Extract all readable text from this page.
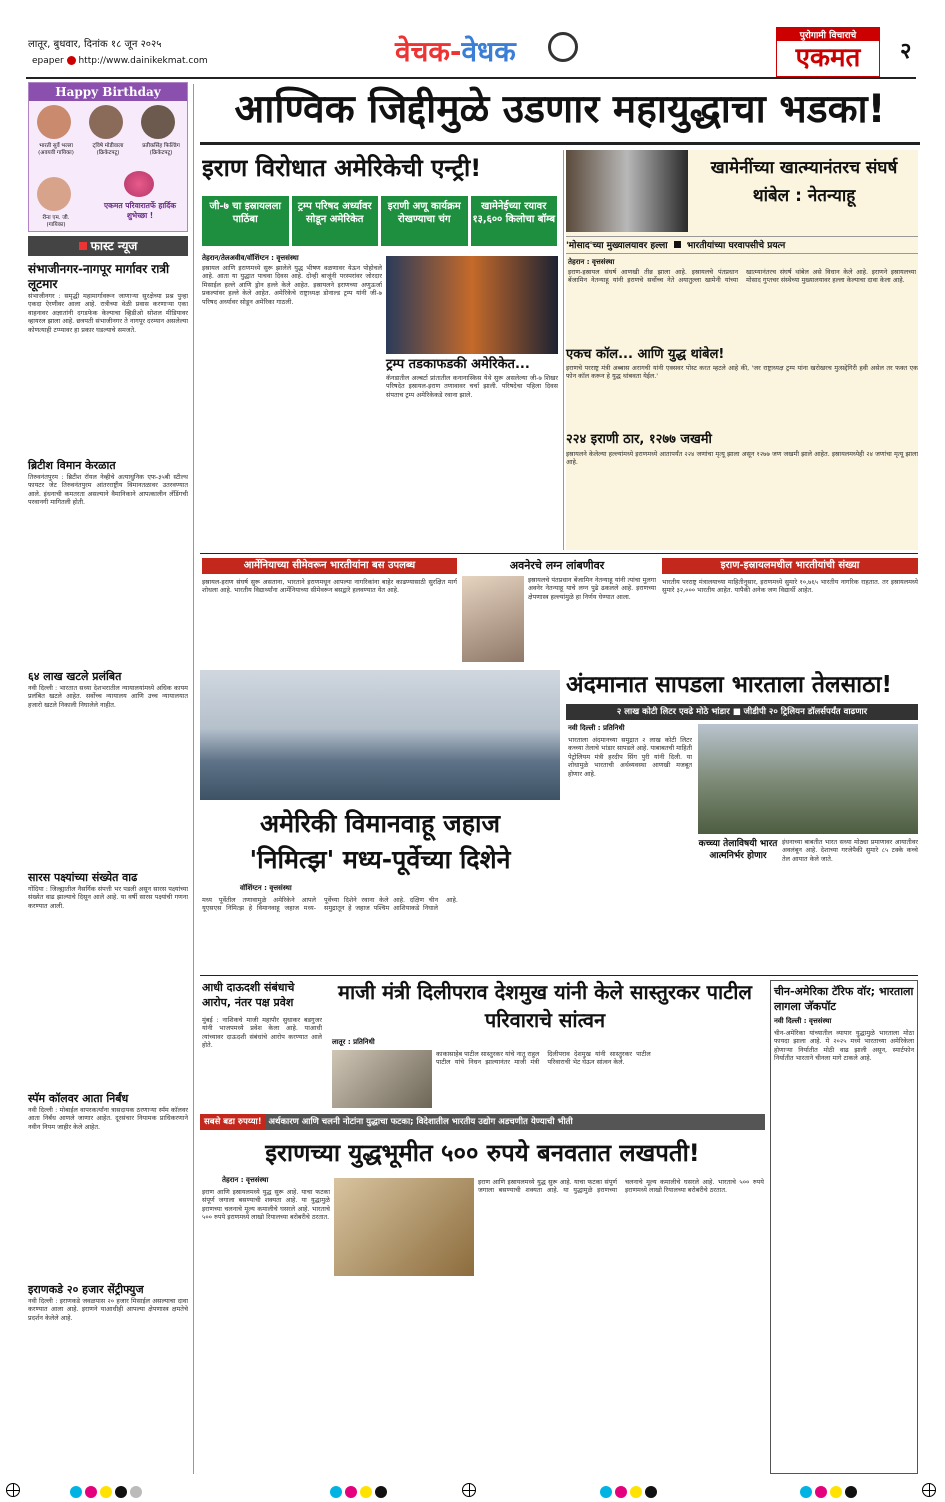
लातूर, बुधवार, दिनांक १८ जून २०२५
epaper http://www.dainikekmat.com	वेचक-वेधक	पुरोगामी विचाराचे
एकमत	२
Happy Birthday
भारती सुर्वे भल्ला
(अवयवी गायिका)
ट्विषे मोडीवाला
(क्रिकेटपटू)
प्रतीकसिंह फिल्डिंग
(क्रिकेटपटू)
रीना एम. जी.
(गायिका)
एकमत परिवारातर्फे हार्दिक शुभेच्छा !
फास्ट न्यूज
संभाजीनगर-नागपूर मार्गावर रात्री लूटमार
संभाजीनगर : समृद्धी महामार्गावरून जाणाऱ्या सुरक्षेच्या प्रश्न पुन्हा एकदा ऐरणीवर आला आहे. रात्रीच्या वेळी प्रवास करणाऱ्या एका वाहनावर अज्ञातांनी दगडफेक केल्याचा व्हिडीओ सोशल मीडियावर व्हायरल झाला आहे. छत्रपती संभाजीनगर ते नागपूर दरम्यान असलेल्या कोणत्याही टप्प्यावर हा प्रकार घडल्याचे समजते.
ब्रिटीश विमान केरळात
तिरुवनंतपुरम : ब्रिटीश रॉयल नेव्हीचे अत्याधुनिक एफ-३५बी स्टील्थ फायटर जेट तिरुवनंतपुरम आंतरराष्ट्रीय विमानतळावर उतरवण्यात आले. इंधनाची कमतरता असल्याने वैमानिकाने आपत्कालीन लँडिंगची परवानगी मागितली होती.
६४ लाख खटले प्रलंबित
नवी दिल्ली : भारतात सध्या देशभरातील न्यायालयांमध्ये अधिक कायम प्रलंबित खटले आहेत. सर्वोच्च न्यायालय आणि उच्च न्यायालयात हजारो खटले निकाली निघालेले नाहीत.
सारस पक्ष्यांच्या संख्येत वाढ
गोंदिया : जिल्ह्यातील नैसर्गिक संपत्ती भर पडली असून सारस पक्ष्यांच्या संख्येत वाढ झाल्याचे दिसून आले आहे. या वर्षी सारस पक्ष्यांची गणना करण्यात आली.
स्पॅम कॉलवर आता निर्बंध
नवी दिल्ली : मोबाईल वापरकर्त्यांना त्रासदायक ठरणाऱ्या स्पॅम कॉलवर आता निर्बंध आणले जाणार आहेत. दूरसंचार नियामक प्राधिकरणाने नवीन नियम जाहीर केले आहेत.
इराणकडे २० हजार सेंट्रीफ्युज
नवी दिल्ली : इराणकडे जवळपास २० हजार मिसाईल असल्याचा दावा करण्यात आला आहे. इराणने याआधीही आपल्या क्षेपणास्त्र क्षमतेचे प्रदर्शन केलेले आहे.
आण्विक जिद्दीमुळे उडणार महायुद्धाचा भडका!
इराण विरोधात अमेरिकेची एन्ट्री!
जी-७ चा इस्रायलला पाठिंबा
ट्रम्प परिषद अर्ध्यावर सोडून अमेरिकेत
इराणी अणू कार्यक्रम रोखण्याचा चंग
खामेनेईच्या रयावर १३,६०० किलोचा बॉम्ब
तेहरान/तेलअवीव/वॉशिंग्टन : वृत्तसंस्था
इस्रायल आणि इराणमध्ये सुरू झालेले युद्ध भीषण वळणावर येऊन पोहोचले आहे. आता या युद्धात पाचवा दिवस आहे. दोन्ही बाजूंनी परस्परांवर जोरदार मिसाईल हल्ले आणि ड्रोन हल्ले केले आहेत. इस्रायलने इराणच्या अणुऊर्जा प्रकल्पांवर हल्ले केले आहेत. अमेरिकेचे राष्ट्राध्यक्ष डोनाल्ड ट्रम्प यांनी जी-७ परिषद अर्ध्यावर सोडून अमेरिका गाठली.
ट्रम्प तडकाफडकी अमेरिकेत...
कॅनडातील अल्बर्टा प्रांतातील कनानास्किस येथे सुरू असलेल्या जी-७ शिखर परिषदेत इस्रायल-इराण तणावावर चर्चा झाली. परिषदेचा पहिला दिवस संपताच ट्रम्प अमेरिकेकडे रवाना झाले.
खामेनींच्या खात्म्यानंतरच संघर्ष थांबेल : नेतन्याहू
'मोसाद'च्या मुख्यालयावर हल्ला भारतीयांच्या घरवापसीचे प्रयत्न
तेहरान : वृत्तसंस्था
इराण-इस्रायल संघर्ष आणखी तीव्र झाला आहे. इस्रायलचे पंतप्रधान बेंजामिन नेतन्याहू यांनी इराणचे सर्वोच्च नेते अयातुल्ला खामेनी यांच्या खात्म्यानंतरच संघर्ष थांबेल असे विधान केले आहे. इराणने इस्रायलच्या मोसाद गुप्तचर संस्थेच्या मुख्यालयावर हल्ला केल्याचा दावा केला आहे.
एकच कॉल... आणि युद्ध थांबेल!
इराणचे परराष्ट्र मंत्री अब्बास अरागची यांनी एक्सवर पोस्ट करत म्हटले आहे की, 'जर राष्ट्राध्यक्ष ट्रम्प यांना खरोखरच मुत्सद्देगिरी हवी असेल तर फक्त एक फोन कॉल करून हे युद्ध थांबवता येईल.'
२२४ इराणी ठार, १२७७ जखमी
इस्रायलने केलेल्या हल्ल्यांमध्ये इराणमध्ये आतापर्यंत २२४ जणांचा मृत्यू झाला असून १२७७ जण जखमी झाले आहेत. इस्रायलमध्येही २४ जणांचा मृत्यू झाला आहे.
आर्मेनियाच्या सीमेवरून भारतीयांना बस उपलब्ध
इस्रायल-इराण संघर्ष सुरू असताना, भारताने इराणमधून आपल्या नागरिकांना बाहेर काढण्यासाठी सुरक्षित मार्ग शोधला आहे. भारतीय विद्यार्थ्यांना आर्मेनियाच्या सीमेवरून बसद्वारे हलवण्यात येत आहे.
अवनेरचे लग्न लांबणीवर
इस्रायलचे पंतप्रधान बेंजामिन नेतन्याहू यांनी त्यांचा मुलगा अवनेर नेतन्याहू याचे लग्न पुढे ढकलले आहे. इराणच्या क्षेपणास्त्र हल्ल्यांमुळे हा निर्णय घेण्यात आला.
इराण-इस्रायलमधील भारतीयांची संख्या
भारतीय परराष्ट्र मंत्रालयाच्या माहितीनुसार, इराणमध्ये सुमारे १०,७६५ भारतीय नागरिक राहतात. तर इस्रायलमध्ये सुमारे ३२,००० भारतीय आहेत. यापैकी अनेक जण विद्यार्थी आहेत.
अमेरिकी विमानवाहू जहाज
'निमित्झ' मध्य-पूर्वेच्या दिशेने
वॉशिंग्टन : वृत्तसंस्था
मध्य पूर्वेतील तणावामुळे अमेरिकेने आपले यूएसएस निमित्झ हे विमानवाहू जहाज मध्य-पूर्वेच्या दिशेने रवाना केले आहे. दक्षिण चीन समुद्रातून हे जहाज पश्चिम आशियाकडे निघाले आहे.
अंदमानात सापडला भारताला तेलसाठा!
२ लाख कोटी लिटर एवढे मोठे भांडार ■ जीडीपी २० ट्रिलियन डॉलर्सपर्यंत वाढणार
नवी दिल्ली : प्रतिनिधी
भारताला अंदमानच्या समुद्रात २ लाख कोटी लिटर कच्च्या तेलाचे भांडार सापडले आहे. याबाबतची माहिती पेट्रोलियम मंत्री हरदीप सिंग पुरी यांनी दिली. या शोधामुळे भारताची अर्थव्यवस्था आणखी मजबूत होणार आहे.
कच्च्या तेलाविषयी भारत आत्मनिर्भर होणार
इंधनाच्या बाबतीत भारत सध्या मोठ्या प्रमाणावर आयातीवर अवलंबून आहे. देशाच्या गरजेपैकी सुमारे ८५ टक्के कच्चे तेल आयात केले जाते.
आधी दाऊदशी संबंधाचे आरोप, नंतर पक्ष प्रवेश
मुंबई : नाशिकचे माजी महापौर सुधाकर बडगुजर यांनी भाजपमध्ये प्रवेश केला आहे. याआधी त्यांच्यावर दाऊदशी संबंधांचे आरोप करण्यात आले होते.
माजी मंत्री दिलीपराव देशमुख यांनी केले सास्तुरकर पाटील परिवाराचे सांत्वन
लातूर : प्रतिनिधी
काकासाहेब पाटील सास्तुरकर यांचे नातू राहुल पाटील यांचे निधन झाल्यानंतर माजी मंत्री दिलीपराव देशमुख यांनी सास्तुरकर पाटील परिवाराची भेट घेऊन सांत्वन केले.
चीन-अमेरिका टॅरिफ वॉर; भारताला लागला जॅकपॉट
नवी दिल्ली : वृत्तसंस्था
चीन-अमेरिका यांच्यातील व्यापार युद्धामुळे भारताला मोठा फायदा झाला आहे. मे २०२५ मध्ये भारताच्या अमेरिकेला होणाऱ्या निर्यातीत मोठी वाढ झाली असून, स्मार्टफोन निर्यातीत भारताने चीनला मागे टाकले आहे.
सबसे बडा रुपय्या! अर्थकारण आणि चलनी नोटांना युद्धाचा फटका; विदेशातील भारतीय उद्योग अडचणीत येण्याची भीती
इराणच्या युद्धभूमीत ५०० रुपये बनवतात लखपती!
तेहरान : वृत्तसंस्था
इराण आणि इस्रायलमध्ये युद्ध सुरू आहे. याचा फटका संपूर्ण जगाला बसण्याची शक्यता आहे. या युद्धामुळे इराणच्या चलनाचे मूल्य कमालीचे घसरले आहे. भारताचे ५०० रुपये इराणमध्ये लाखो रियालच्या बरोबरीचे ठरतात.
इराण आणि इस्रायलमध्ये युद्ध सुरू आहे. याचा फटका संपूर्ण जगाला बसण्याची शक्यता आहे. या युद्धामुळे इराणच्या चलनाचे मूल्य कमालीचे घसरले आहे. भारताचे ५०० रुपये इराणमध्ये लाखो रियालच्या बरोबरीचे ठरतात.
